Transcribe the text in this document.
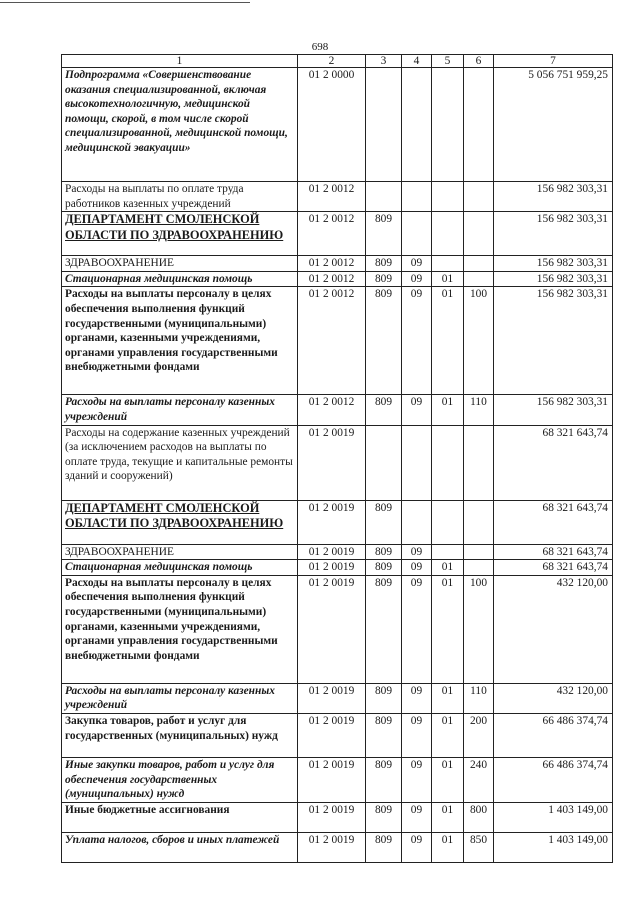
698
1	2	3	4	5	6	7
Подпрограмма «Совершенствование оказания специализированной, включая высокотехнологичную, медицинской помощи, скорой, в том числе скорой специализированной, медицинской помощи, медицинской эвакуации»	01 2 0000					5 056 751 959,25
Расходы на выплаты по оплате труда работников казенных учреждений	01 2 0012					156 982 303,31
ДЕПАРТАМЕНТ СМОЛЕНСКОЙ ОБЛАСТИ ПО ЗДРАВООХРАНЕНИЮ	01 2 0012	809				156 982 303,31
ЗДРАВООХРАНЕНИЕ	01 2 0012	809	09			156 982 303,31
Стационарная медицинская помощь	01 2 0012	809	09	01		156 982 303,31
Расходы на выплаты персоналу в целях обеспечения выполнения функций государственными (муниципальными) органами, казенными учреждениями, органами управления государственными внебюджетными фондами	01 2 0012	809	09	01	100	156 982 303,31
Расходы на выплаты персоналу казенных учреждений	01 2 0012	809	09	01	110	156 982 303,31
Расходы на содержание казенных учреждений (за исключением расходов на выплаты по оплате труда, текущие и капитальные ремонты зданий и сооружений)	01 2 0019					68 321 643,74
ДЕПАРТАМЕНТ СМОЛЕНСКОЙ ОБЛАСТИ ПО ЗДРАВООХРАНЕНИЮ	01 2 0019	809				68 321 643,74
ЗДРАВООХРАНЕНИЕ	01 2 0019	809	09			68 321 643,74
Стационарная медицинская помощь	01 2 0019	809	09	01		68 321 643,74
Расходы на выплаты персоналу в целях обеспечения выполнения функций государственными (муниципальными) органами, казенными учреждениями, органами управления государственными внебюджетными фондами	01 2 0019	809	09	01	100	432 120,00
Расходы на выплаты персоналу казенных учреждений	01 2 0019	809	09	01	110	432 120,00
Закупка товаров, работ и услуг для государственных (муниципальных) нужд	01 2 0019	809	09	01	200	66 486 374,74
Иные закупки товаров, работ и услуг для обеспечения государственных (муниципальных) нужд	01 2 0019	809	09	01	240	66 486 374,74
Иные бюджетные ассигнования	01 2 0019	809	09	01	800	1 403 149,00
Уплата налогов, сборов и иных платежей	01 2 0019	809	09	01	850	1 403 149,00
